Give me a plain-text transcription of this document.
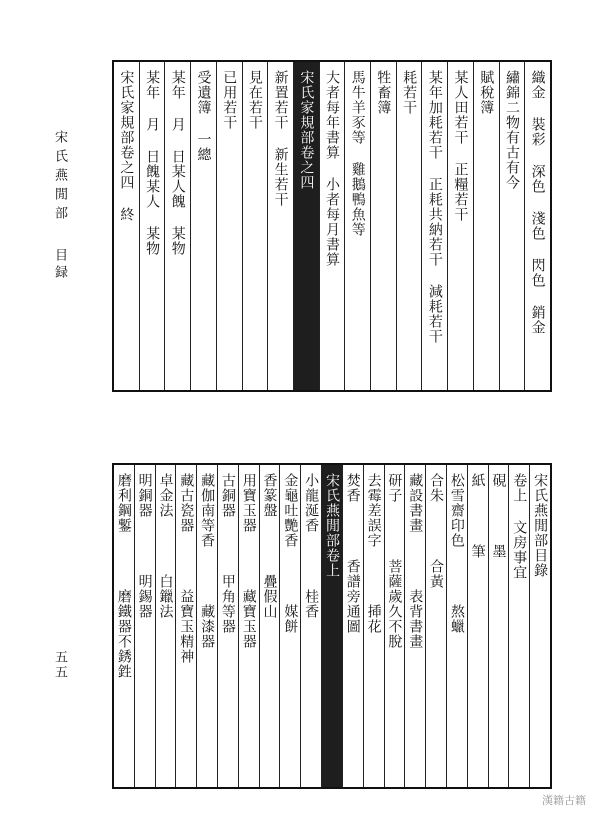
宋氏燕閒部
目録
五五
織金 裝彩 深色 淺色 閃色 銷金
繡錦二物有古有今
賦稅簿
某人田若干 正糧若干
某年加耗若干 正耗共納若干 減耗若干
耗若干
牲畜簿
馬牛羊豕等 雞鵝鴨魚等
大者每年書算 小者每月書算
宋氏家規部卷之四
新置若干 新生若干
見在若干
已用若干
受遺簿 一總
某年 月 日某人餽 某物
某年 月 日餽某人 某物
宋氏家規部卷之四 終
宋氏燕閒部目錄
卷上 文房事宜
硯
墨
紙
筆
松雪齋印色
熬蠟
合朱
合黃
藏設書畫
表背書畫
研子
菩薩歲久不脫
去霉差誤字
揷花
焚香
香譜旁通圖
宋氏燕閒部卷上
小龍涎香
桂香
金龜吐艷香
媒餅
香篆盤
疊假山
用寶玉器
藏寶玉器
古銅器
甲角等器
藏伽南等香
藏漆器
藏古瓷器
益寶玉精神
卓金法
白鑞法
明銅器
明錫器
磨利鋼鏨
磨鐵器不銹鉎
漢籍古籍
